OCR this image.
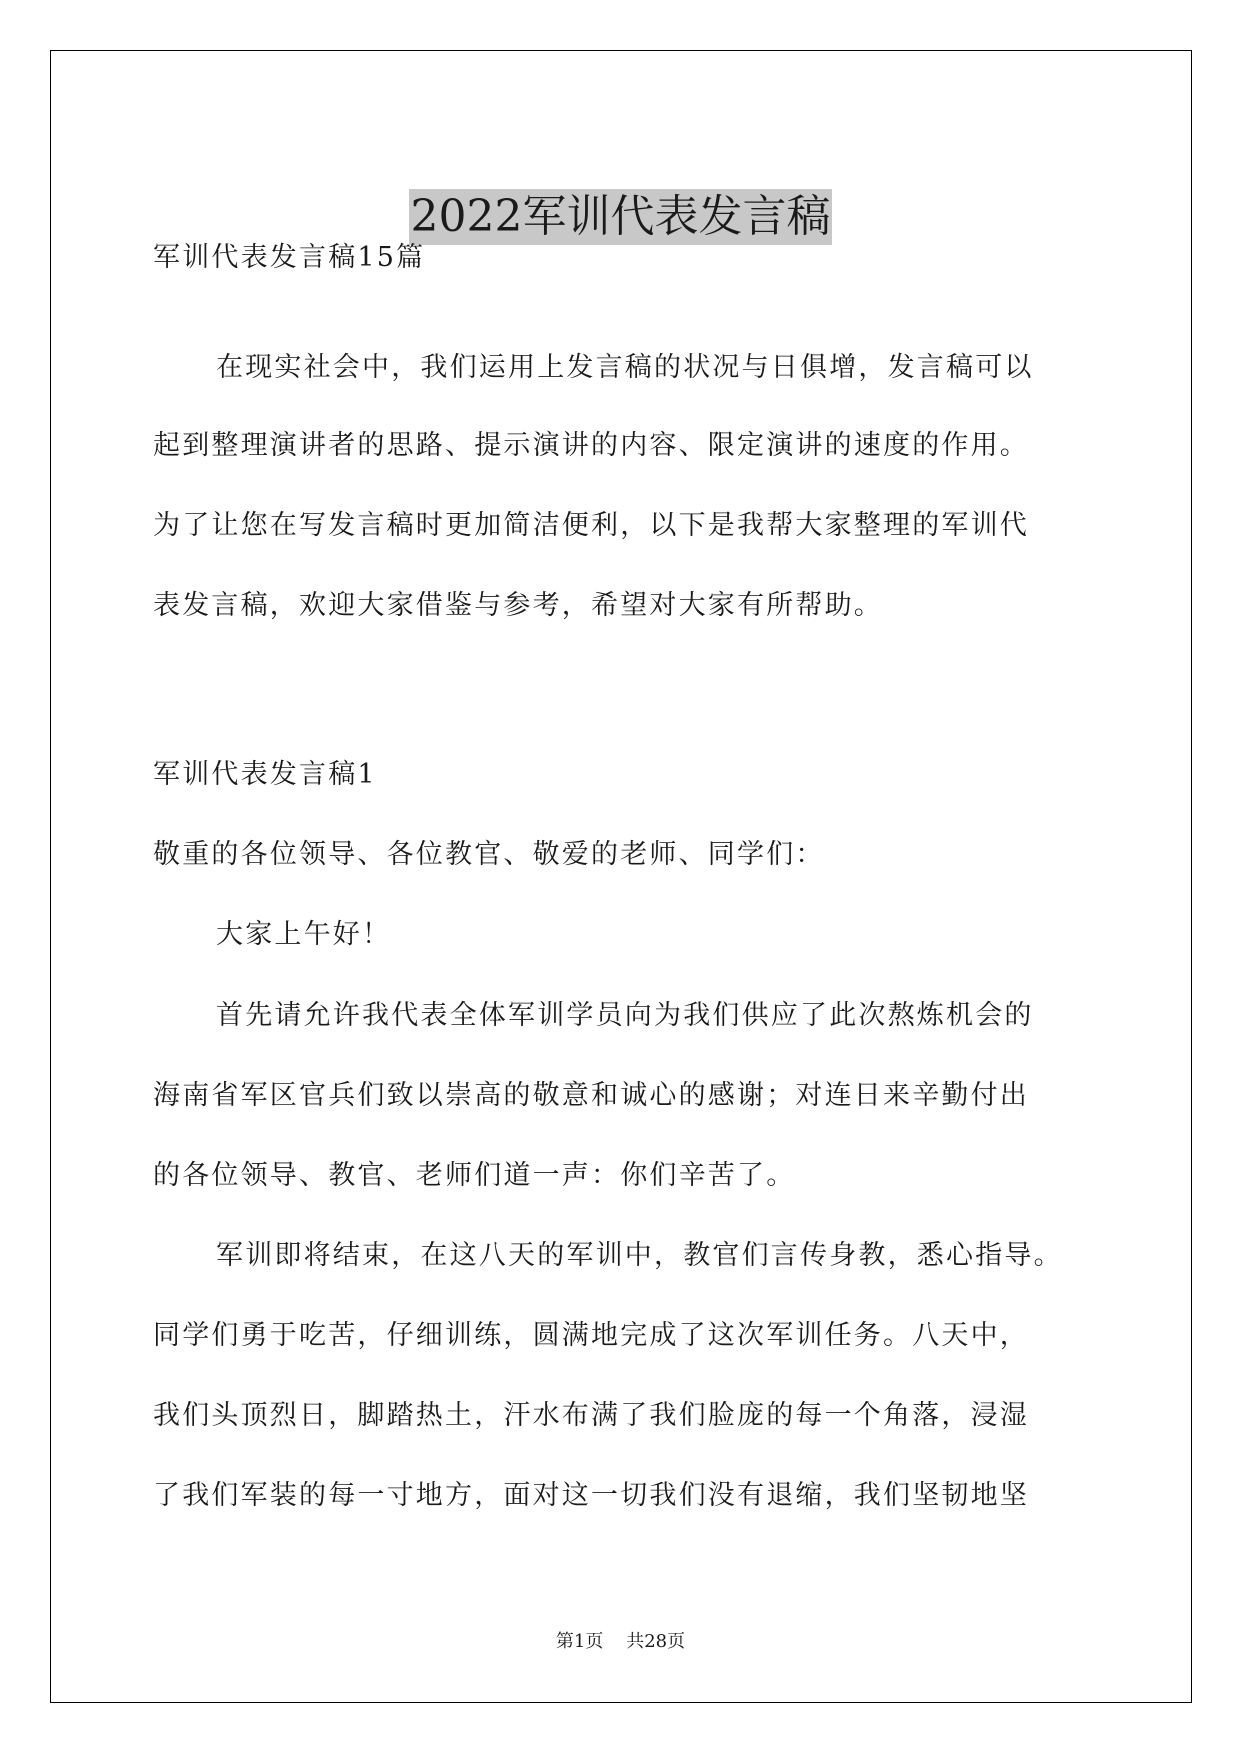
2022军训代表发言稿
军训代表发言稿15篇
在现实社会中，我们运用上发言稿的状况与日俱增，发言稿可以
起到整理演讲者的思路、提示演讲的内容、限定演讲的速度的作用。
为了让您在写发言稿时更加简洁便利，以下是我帮大家整理的军训代
表发言稿，欢迎大家借鉴与参考，希望对大家有所帮助。
军训代表发言稿1
敬重的各位领导、各位教官、敬爱的老师、同学们：
大家上午好！
首先请允许我代表全体军训学员向为我们供应了此次熬炼机会的
海南省军区官兵们致以崇高的敬意和诚心的感谢；对连日来辛勤付出
的各位领导、教官、老师们道一声：你们辛苦了。
军训即将结束，在这八天的军训中，教官们言传身教，悉心指导。
同学们勇于吃苦，仔细训练，圆满地完成了这次军训任务。八天中，
我们头顶烈日，脚踏热土，汗水布满了我们脸庞的每一个角落，浸湿
了我们军装的每一寸地方，面对这一切我们没有退缩，我们坚韧地坚
第1页 共28页
